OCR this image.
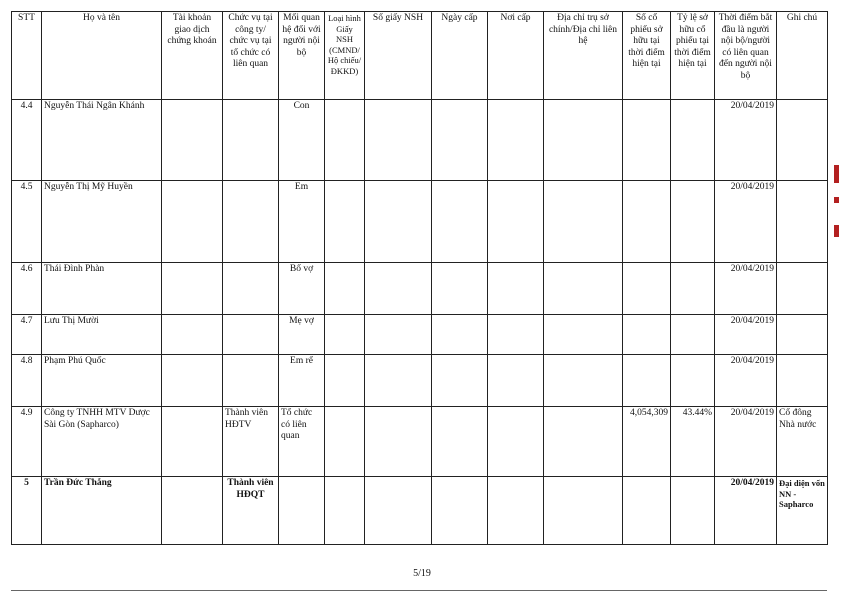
STT	Họ và tên	Tài khoản giao dịch chứng khoán	Chức vụ tại công ty/ chức vụ tại tổ chức có liên quan	Mối quan hệ đối với người nội bộ	Loại hình Giấy NSH (CMND/ Hộ chiếu/ ĐKKD)	Số giấy NSH	Ngày cấp	Nơi cấp	Địa chỉ trụ sở chính/Địa chỉ liên hệ	Số cổ phiếu sở hữu tại thời điểm hiện tại	Tỷ lệ sở hữu cổ phiếu tại thời điểm hiện tại	Thời điểm bắt đầu là người nội bộ/người có liên quan đến người nội bộ	Ghi chú
4.4	Nguyễn Thái Ngân Khánh			Con								20/04/2019	
4.5	Nguyễn Thị Mỹ Huyền			Em								20/04/2019	
4.6	Thái Đình Phàn			Bố vợ								20/04/2019	
4.7	Lưu Thị Mười			Mẹ vợ								20/04/2019	
4.8	Phạm Phú Quốc			Em rể								20/04/2019	
4.9	Công ty TNHH MTV Dược Sài Gòn (Sapharco)		Thành viên HĐTV	Tổ chức có liên quan						4,054,309	43.44%	20/04/2019	Cổ đông Nhà nước
5	Trần Đức Thắng		Thành viên HĐQT									20/04/2019	Đại diện vốn NN - Sapharco
5/19
